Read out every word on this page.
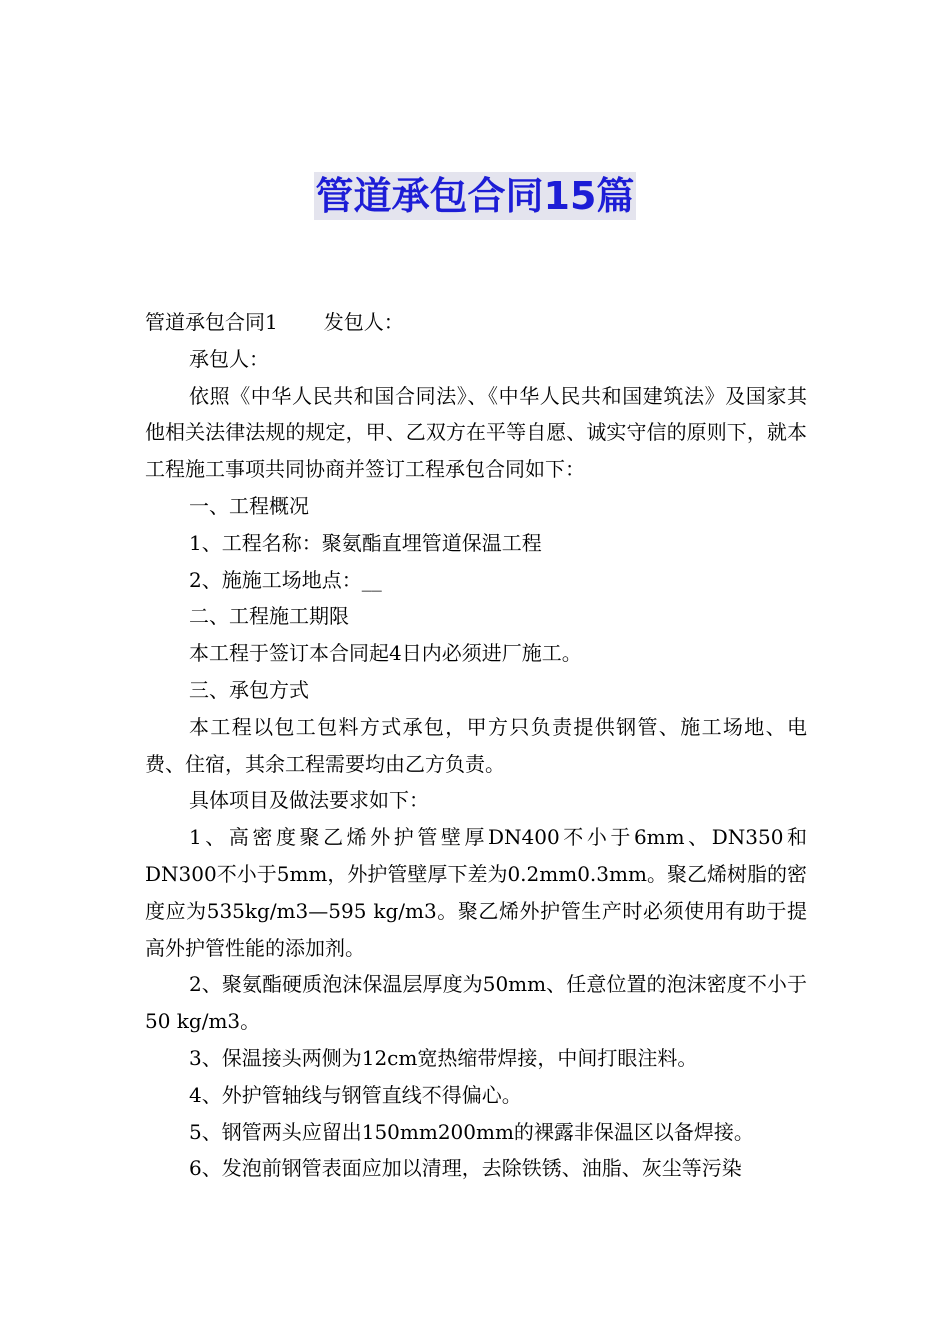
管道承包合同15篇

管道承包合同1 发包人：

承包人：

依照《中华人民共和国合同法》、《中华人民共和国建筑法》及国家其他相关法律法规的规定，甲、乙双方在平等自愿、诚实守信的原则下，就本工程施工事项共同协商并签订工程承包合同如下：

一、工程概况

1、工程名称：聚氨酯直埋管道保温工程

2、施施工场地点：__

二、工程施工期限

本工程于签订本合同起4日内必须进厂施工。

三、承包方式

本工程以包工包料方式承包，甲方只负责提供钢管、施工场地、电费、住宿，其余工程需要均由乙方负责。

具体项目及做法要求如下：

1、高密度聚乙烯外护管壁厚DN400不小于6mm、DN350和DN300不小于5mm，外护管壁厚下差为0.2mm0.3mm。聚乙烯树脂的密度应为535kg/m3—595 kg/m3。聚乙烯外护管生产时必须使用有助于提高外护管性能的添加剂。

2、聚氨酯硬质泡沫保温层厚度为50mm、任意位置的泡沫密度不小于50 kg/m3。

3、保温接头两侧为12cm宽热缩带焊接，中间打眼注料。

4、外护管轴线与钢管直线不得偏心。

5、钢管两头应留出150mm200mm的裸露非保温区以备焊接。

6、发泡前钢管表面应加以清理，去除铁锈、油脂、灰尘等污染
